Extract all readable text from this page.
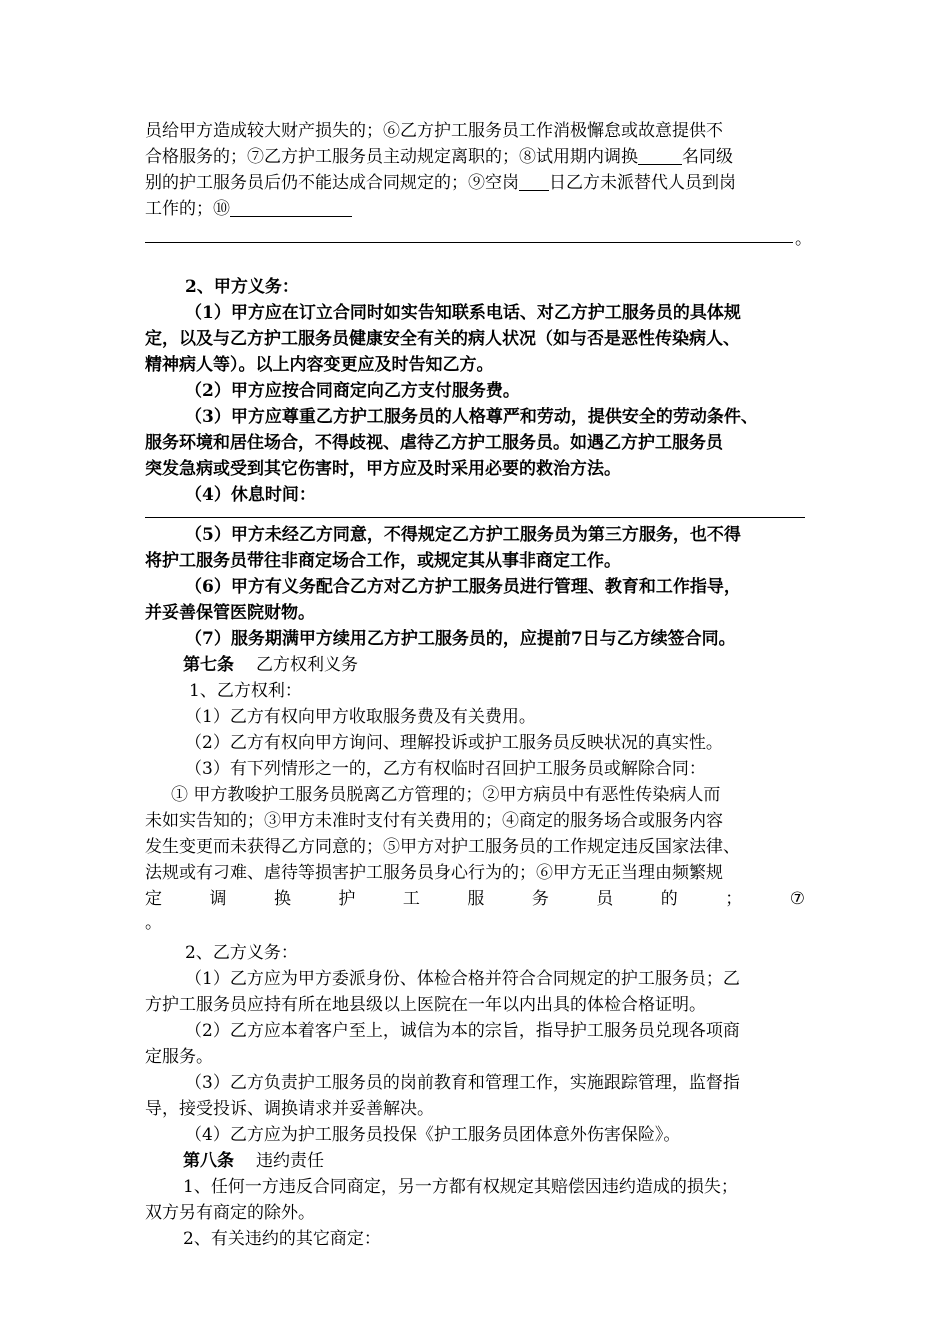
员给甲方造成较大财产损失的；⑥乙方护工服务员工作消极懈怠或故意提供不
合格服务的；⑦乙方护工服务员主动规定离职的；⑧试用期内调换	名同级
别的护工服务员后仍不能达成合同规定的；⑨空岗 日乙方未派替代人员到岗
工作的；⑩
。
2、甲方义务：
（1）甲方应在订立合同时如实告知联系电话、对乙方护工服务员的具体规
定，以及与乙方护工服务员健康安全有关的病人状况（如与否是恶性传染病人、
精神病人等）。以上内容变更应及时告知乙方。
（2）甲方应按合同商定向乙方支付服务费。
（3）甲方应尊重乙方护工服务员的人格尊严和劳动，提供安全的劳动条件、
服务环境和居住场合，不得歧视、虐待乙方护工服务员。如遇乙方护工服务员
突发急病或受到其它伤害时，甲方应及时采用必要的救治方法。
（4）休息时间：
（5）甲方未经乙方同意，不得规定乙方护工服务员为第三方服务，也不得
将护工服务员带往非商定场合工作，或规定其从事非商定工作。
（6）甲方有义务配合乙方对乙方护工服务员进行管理、教育和工作指导，
并妥善保管医院财物。
（7）服务期满甲方续用乙方护工服务员的，应提前7日与乙方续签合同。
第七条 乙方权利义务
1、乙方权利：
（1）乙方有权向甲方收取服务费及有关费用。
（2）乙方有权向甲方询问、理解投诉或护工服务员反映状况的真实性。
（3）有下列情形之一的，乙方有权临时召回护工服务员或解除合同：
① 甲方教唆护工服务员脱离乙方管理的；②甲方病员中有恶性传染病人而
未如实告知的；③甲方未准时支付有关费用的；④商定的服务场合或服务内容
发生变更而未获得乙方同意的；⑤甲方对护工服务员的工作规定违反国家法律、
法规或有刁难、虐待等损害护工服务员身心行为的；⑥甲方无正当理由频繁规
定	调	换	护	工	服	务	员	的	；	⑦
。
2、乙方义务：
（1）乙方应为甲方委派身份、体检合格并符合合同规定的护工服务员；乙
方护工服务员应持有所在地县级以上医院在一年以内出具的体检合格证明。
（2）乙方应本着客户至上，诚信为本的宗旨，指导护工服务员兑现各项商
定服务。
（3）乙方负责护工服务员的岗前教育和管理工作，实施跟踪管理，监督指
导，接受投诉、调换请求并妥善解决。
（4）乙方应为护工服务员投保《护工服务员团体意外伤害保险》。
第八条 违约责任
1、任何一方违反合同商定，另一方都有权规定其赔偿因违约造成的损失；
双方另有商定的除外。
2、有关违约的其它商定：
